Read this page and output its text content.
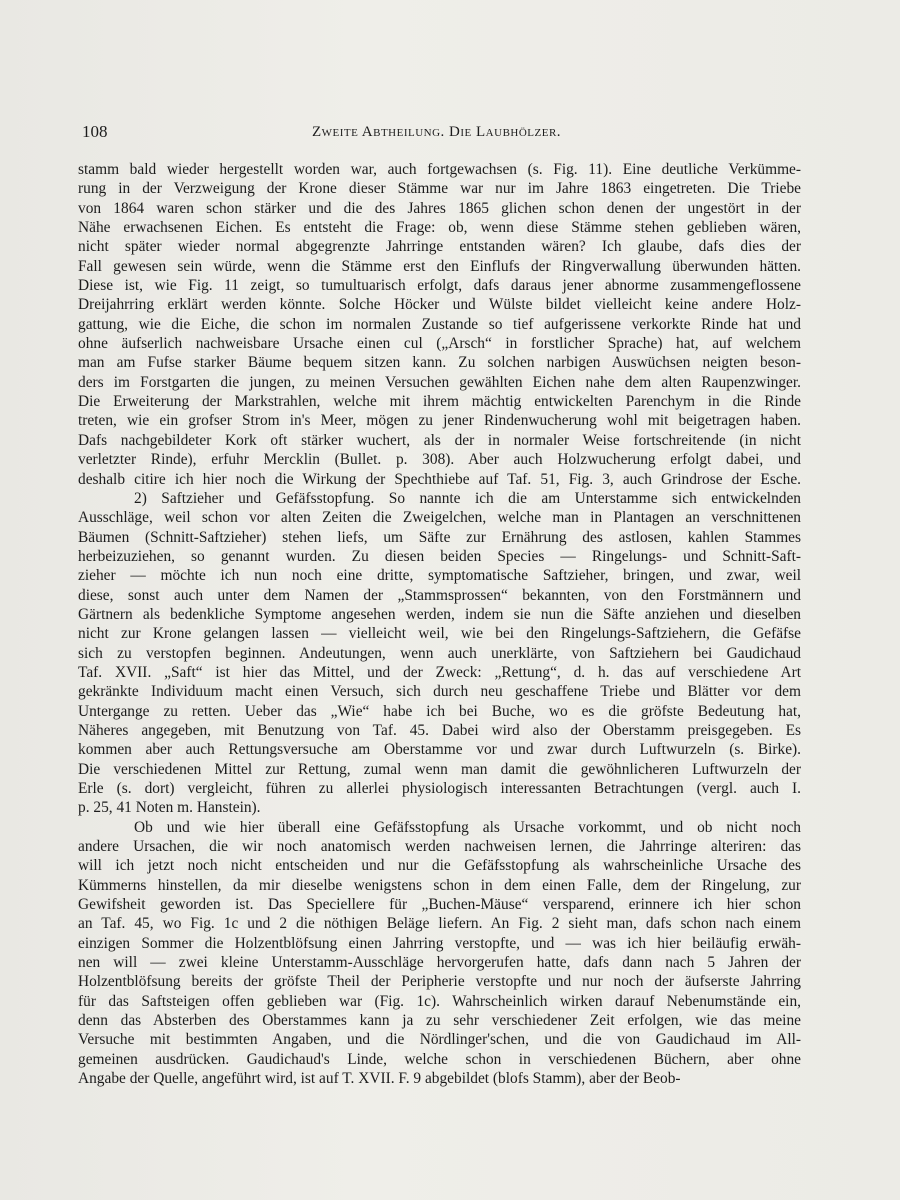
108	Zweite Abtheilung. Die Laubhölzer.
stamm bald wieder hergestellt worden war, auch fortgewachsen (s. Fig. 11). Eine deutliche Verkümme-
rung in der Verzweigung der Krone dieser Stämme war nur im Jahre 1863 eingetreten. Die Triebe
von 1864 waren schon stärker und die des Jahres 1865 glichen schon denen der ungestört in der
Nähe erwachsenen Eichen. Es entsteht die Frage: ob, wenn diese Stämme stehen geblieben wären,
nicht später wieder normal abgegrenzte Jahrringe entstanden wären? Ich glaube, dafs dies der
Fall gewesen sein würde, wenn die Stämme erst den Einflufs der Ringverwallung überwunden hätten.
Diese ist, wie Fig. 11 zeigt, so tumultuarisch erfolgt, dafs daraus jener abnorme zusammengeflossene
Dreijahrring erklärt werden könnte. Solche Höcker und Wülste bildet vielleicht keine andere Holz-
gattung, wie die Eiche, die schon im normalen Zustande so tief aufgerissene verkorkte Rinde hat und
ohne äufserlich nachweisbare Ursache einen cul („Arsch“ in forstlicher Sprache) hat, auf welchem
man am Fufse starker Bäume bequem sitzen kann. Zu solchen narbigen Auswüchsen neigten beson-
ders im Forstgarten die jungen, zu meinen Versuchen gewählten Eichen nahe dem alten Raupenzwinger.
Die Erweiterung der Markstrahlen, welche mit ihrem mächtig entwickelten Parenchym in die Rinde
treten, wie ein grofser Strom in's Meer, mögen zu jener Rindenwucherung wohl mit beigetragen haben.
Dafs nachgebildeter Kork oft stärker wuchert, als der in normaler Weise fortschreitende (in nicht
verletzter Rinde), erfuhr Mercklin (Bullet. p. 308). Aber auch Holzwucherung erfolgt dabei, und
deshalb citire ich hier noch die Wirkung der Spechthiebe auf Taf. 51, Fig. 3, auch Grindrose der Esche.
2) Saftzieher und Gefäfsstopfung. So nannte ich die am Unterstamme sich entwickelnden
Ausschläge, weil schon vor alten Zeiten die Zweigelchen, welche man in Plantagen an verschnittenen
Bäumen (Schnitt-Saftzieher) stehen liefs, um Säfte zur Ernährung des astlosen, kahlen Stammes
herbeizuziehen, so genannt wurden. Zu diesen beiden Species — Ringelungs- und Schnitt-Saft-
zieher — möchte ich nun noch eine dritte, symptomatische Saftzieher, bringen, und zwar, weil
diese, sonst auch unter dem Namen der „Stammsprossen“ bekannten, von den Forstmännern und
Gärtnern als bedenkliche Symptome angesehen werden, indem sie nun die Säfte anziehen und dieselben
nicht zur Krone gelangen lassen — vielleicht weil, wie bei den Ringelungs-Saftziehern, die Gefäfse
sich zu verstopfen beginnen. Andeutungen, wenn auch unerklärte, von Saftziehern bei Gaudichaud
Taf. XVII. „Saft“ ist hier das Mittel, und der Zweck: „Rettung“, d. h. das auf verschiedene Art
gekränkte Individuum macht einen Versuch, sich durch neu geschaffene Triebe und Blätter vor dem
Untergange zu retten. Ueber das „Wie“ habe ich bei Buche, wo es die gröfste Bedeutung hat,
Näheres angegeben, mit Benutzung von Taf. 45. Dabei wird also der Oberstamm preisgegeben. Es
kommen aber auch Rettungsversuche am Oberstamme vor und zwar durch Luftwurzeln (s. Birke).
Die verschiedenen Mittel zur Rettung, zumal wenn man damit die gewöhnlicheren Luftwurzeln der
Erle (s. dort) vergleicht, führen zu allerlei physiologisch interessanten Betrachtungen (vergl. auch I.
p. 25, 41 Noten m. Hanstein).
Ob und wie hier überall eine Gefäfsstopfung als Ursache vorkommt, und ob nicht noch
andere Ursachen, die wir noch anatomisch werden nachweisen lernen, die Jahrringe alteriren: das
will ich jetzt noch nicht entscheiden und nur die Gefäfsstopfung als wahrscheinliche Ursache des
Kümmerns hinstellen, da mir dieselbe wenigstens schon in dem einen Falle, dem der Ringelung, zur
Gewifsheit geworden ist. Das Speciellere für „Buchen-Mäuse“ versparend, erinnere ich hier schon
an Taf. 45, wo Fig. 1c und 2 die nöthigen Beläge liefern. An Fig. 2 sieht man, dafs schon nach einem
einzigen Sommer die Holzentblöfsung einen Jahrring verstopfte, und — was ich hier beiläufig erwäh-
nen will — zwei kleine Unterstamm-Ausschläge hervorgerufen hatte, dafs dann nach 5 Jahren der
Holzentblöfsung bereits der gröfste Theil der Peripherie verstopfte und nur noch der äufserste Jahrring
für das Saftsteigen offen geblieben war (Fig. 1c). Wahrscheinlich wirken darauf Nebenumstände ein,
denn das Absterben des Oberstammes kann ja zu sehr verschiedener Zeit erfolgen, wie das meine
Versuche mit bestimmten Angaben, und die Nördlinger'schen, und die von Gaudichaud im All-
gemeinen ausdrücken. Gaudichaud's Linde, welche schon in verschiedenen Büchern, aber ohne
Angabe der Quelle, angeführt wird, ist auf T. XVII. F. 9 abgebildet (blofs Stamm), aber der Beob-
